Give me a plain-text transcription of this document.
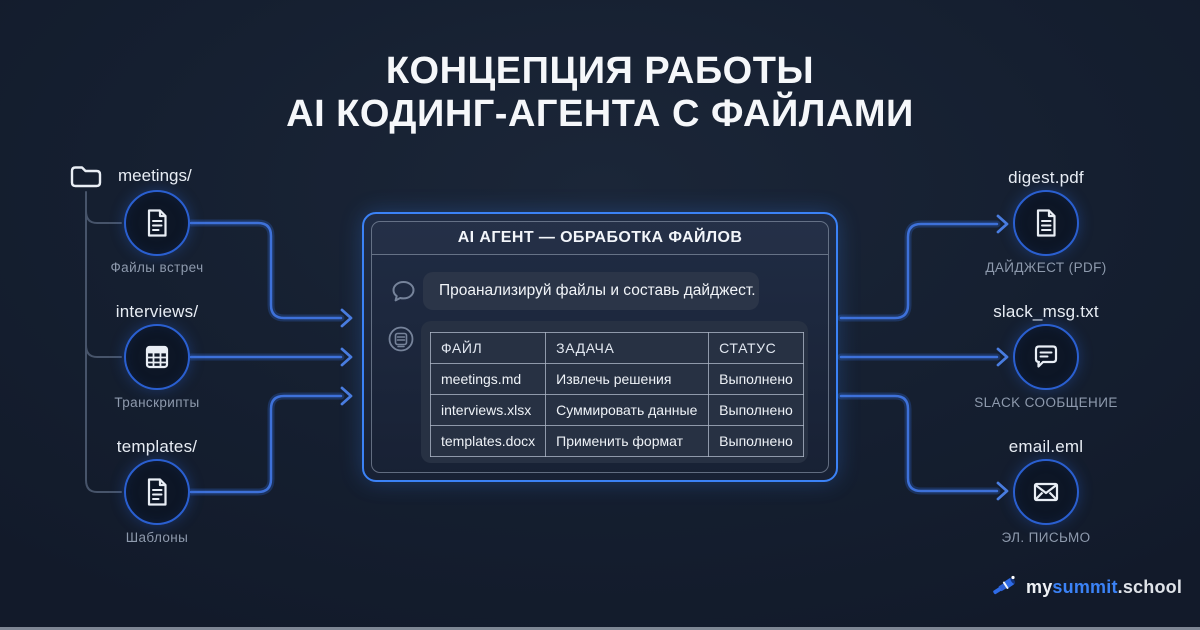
КОНЦЕПЦИЯ РАБОТЫ
AI КОДИНГ-АГЕНТА С ФАЙЛАМИ
meetings/
Файлы встреч
interviews/
Транскрипты
templates/
Шаблоны
AI АГЕНТ — ОБРАБОТКА ФАЙЛОВ
Проанализируй файлы и составь дайджест.
ФАЙЛ	ЗАДАЧА	СТАТУС
meetings.md	Извлечь решения	Выполнено
interviews.xlsx	Суммировать данные	Выполнено
templates.docx	Применить формат	Выполнено
digest.pdf
ДАЙДЖЕСТ (PDF)
slack_msg.txt
SLACK СООБЩЕНИЕ
email.eml
ЭЛ. ПИСЬМО
mysummit.school
